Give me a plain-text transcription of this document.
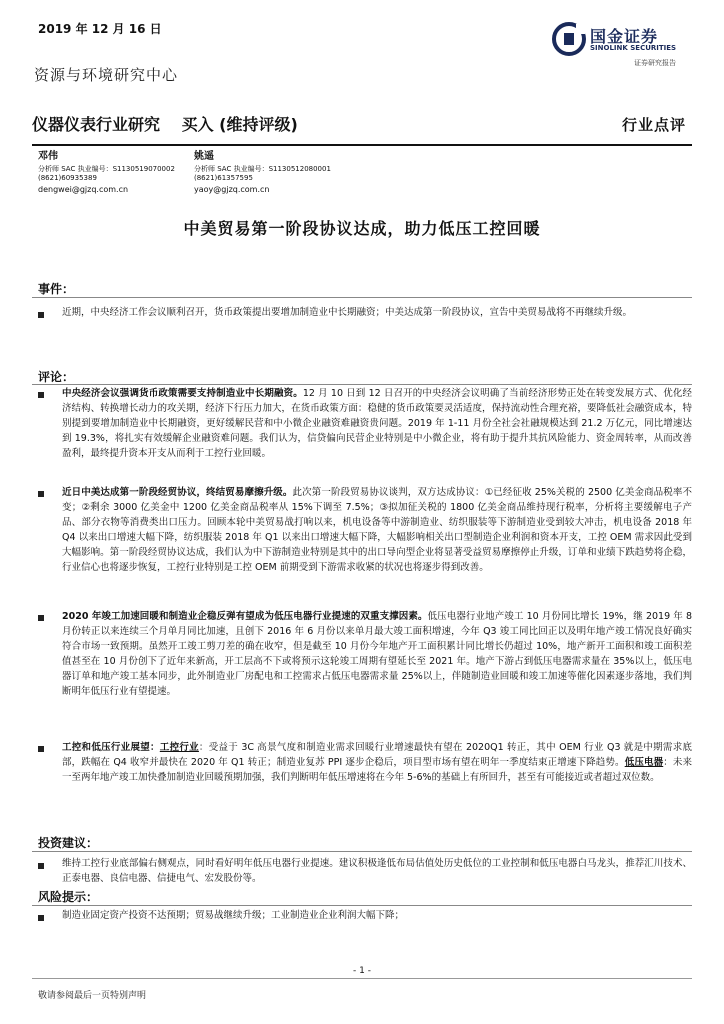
2019 年 12 月 16 日
资源与环境研究中心
国金证券
SINOLINK SECURITIES
证券研究报告
仪器仪表行业研究　 买入 (维持评级)	行业点评
邓伟
分析师 SAC 执业编号：S1130519070002
(8621)60935389
dengwei@gjzq.com.cn
姚遥
分析师 SAC 执业编号：S1130512080001
(8621)61357595
yaoy@gjzq.com.cn
中美贸易第一阶段协议达成，助力低压工控回暖
事件：
近期，中央经济工作会议顺利召开，货币政策提出要增加制造业中长期融资；中美达成第一阶段协议，宣告中美贸易战将不再继续升级。
评论：
中央经济会议强调货币政策需要支持制造业中长期融资。12 月 10 日到 12 日召开的中央经济会议明确了当前经济形势正处在转变发展方式、优化经济结构、转换增长动力的攻关期，经济下行压力加大，在货币政策方面：稳健的货币政策要灵活适度，保持流动性合理充裕，要降低社会融资成本，特别提到要增加制造业中长期融资，更好缓解民营和中小微企业融资难融资贵问题。2019 年 1-11 月份全社会社融规模达到 21.2 万亿元，同比增速达到 19.3%，将扎实有效缓解企业融资难问题。我们认为，信贷偏向民营企业特别是中小微企业，将有助于提升其抗风险能力、资金周转率，从而改善盈利，最终提升资本开支从而利于工控行业回暖。
近日中美达成第一阶段经贸协议，终结贸易摩擦升级。此次第一阶段贸易协议谈判，双方达成协议：①已经征收 25%关税的 2500 亿美金商品税率不变；②剩余 3000 亿美金中 1200 亿美金商品税率从 15%下调至 7.5%；③拟加征关税的 1800 亿美金商品维持现行税率，分析将主要缓解电子产品、部分衣物等消费类出口压力。回顾本轮中美贸易战打响以来，机电设备等中游制造业、纺织服装等下游制造业受到较大冲击，机电设备 2018 年 Q4 以来出口增速大幅下降，纺织服装 2018 年 Q1 以来出口增速大幅下降，大幅影响相关出口型制造企业利润和资本开支，工控 OEM 需求因此受到大幅影响。第一阶段经贸协议达成，我们认为中下游制造业特别是其中的出口导向型企业将显著受益贸易摩擦停止升级，订单和业绩下跌趋势将企稳，行业信心也将逐步恢复，工控行业特别是工控 OEM 前期受到下游需求收紧的状况也将逐步得到改善。
2020 年竣工加速回暖和制造业企稳反弹有望成为低压电器行业提速的双重支撑因素。低压电器行业地产竣工 10 月份同比增长 19%，继 2019 年 8 月份转正以来连续三个月单月同比加速，且创下 2016 年 6 月份以来单月最大竣工面积增速，今年 Q3 竣工同比回正以及明年地产竣工情况良好确实符合市场一致预期。虽然开工竣工剪刀差的确在收窄，但是截至 10 月份今年地产开工面积累计同比增长仍超过 10%，地产新开工面积和竣工面积差值甚至在 10 月份创下了近年来新高，开工层高不下或将预示这轮竣工周期有望延长至 2021 年。地产下游占到低压电器需求量在 35%以上，低压电器订单和地产竣工基本同步，此外制造业厂房配电和工控需求占低压电器需求量 25%以上，伴随制造业回暖和竣工加速等催化因素逐步落地，我们判断明年低压行业有望提速。
工控和低压行业展望：工控行业：受益于 3C 高景气度和制造业需求回暖行业增速最快有望在 2020Q1 转正，其中 OEM 行业 Q3 就是中期需求底部，跌幅在 Q4 收窄并最快在 2020 年 Q1 转正；制造业复苏 PPI 逐步企稳后，项目型市场有望在明年一季度结束正增速下降趋势。低压电器：未来一至两年地产竣工加快叠加制造业回暖预期加强，我们判断明年低压增速将在今年 5-6%的基础上有所回升，甚至有可能接近或者超过双位数。
投资建议：
维持工控行业底部偏右侧观点，同时看好明年低压电器行业提速。建议积极逢低布局估值处历史低位的工业控制和低压电器白马龙头，推荐汇川技术、正泰电器、良信电器、信捷电气、宏发股份等。
风险提示：
制造业固定资产投资不达预期；贸易战继续升级；工业制造业企业利润大幅下降；
- 1 -
敬请参阅最后一页特别声明
